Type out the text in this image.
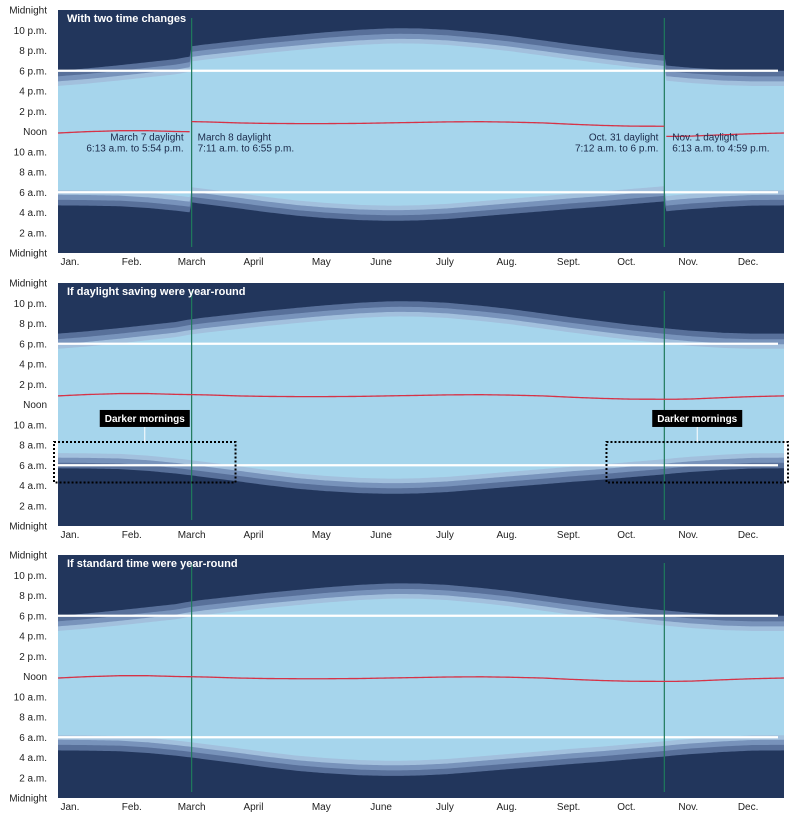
With two time changes
Midnight
10 p.m.
8 p.m.
6 p.m.
4 p.m.
2 p.m.
Noon
10 a.m.
8 a.m.
6 a.m.
4 a.m.
2 a.m.
Midnight
Jan.	Feb.	March	April	May	June	July	Aug.	Sept.	Oct.	Nov.	Dec.
March 7 daylight 6:13 a.m. to 5:54 p.m.
March 8 daylight 7:11 a.m. to 6:55 p.m.
Oct. 31 daylight 7:12 a.m. to 6 p.m.
Nov. 1 daylight 6:13 a.m. to 4:59 p.m.
If daylight saving were year-round
Midnight
10 p.m.
8 p.m.
6 p.m.
4 p.m.
2 p.m.
Noon
10 a.m.
8 a.m.
6 a.m.
4 a.m.
2 a.m.
Midnight
Jan.	Feb.	March	April	May	June	July	Aug.	Sept.	Oct.	Nov.	Dec.
Darker mornings	Darker mornings
If standard time were year-round
Midnight
10 p.m.
8 p.m.
6 p.m.
4 p.m.
2 p.m.
Noon
10 a.m.
8 a.m.
6 a.m.
4 a.m.
2 a.m.
Midnight
Jan.	Feb.	March	April	May	June	July	Aug.	Sept.	Oct.	Nov.	Dec.
